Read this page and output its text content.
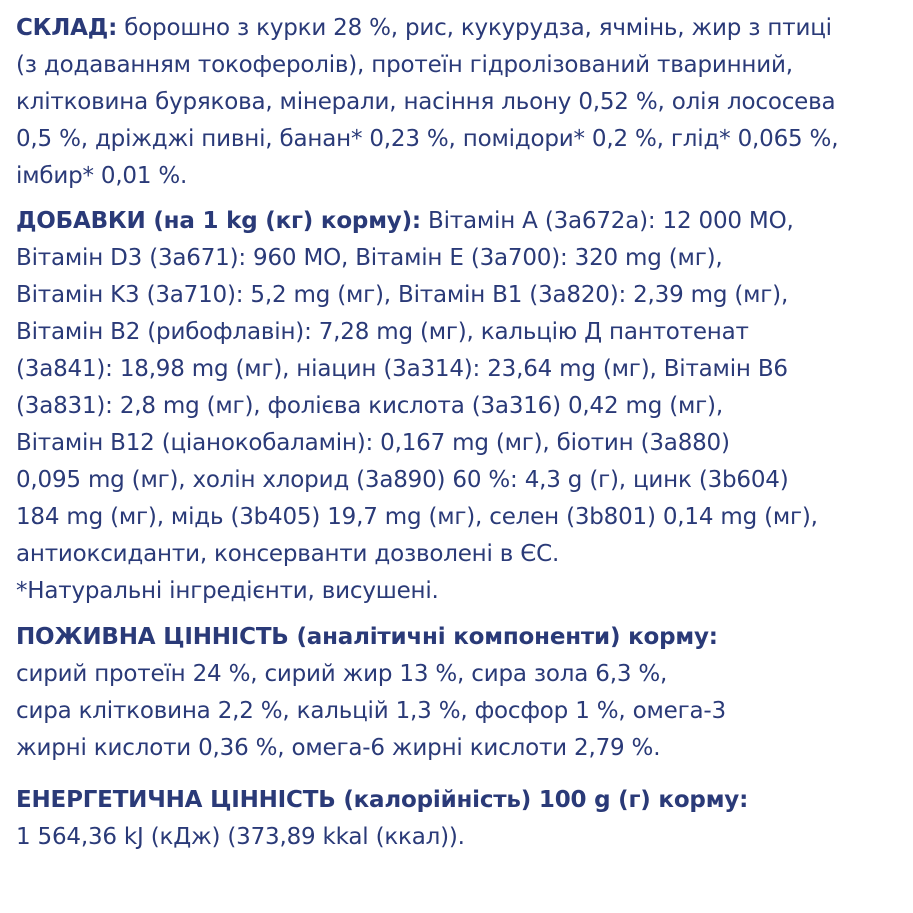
СКЛАД: борошно з курки 28 %, рис, кукурудза, ячмінь, жир з птиці
(з додаванням токоферолів), протеїн гідролізований тваринний,
клітковина бурякова, мінерали, насіння льону 0,52 %, олія лососева
0,5 %, дріжджі пивні, банан* 0,23 %, помідори* 0,2 %, глід* 0,065 %,
імбир* 0,01 %.
ДОБАВКИ (на 1 kg (кг) корму): Вітамін A (3a672a): 12 000 МО,
Вітамін D3 (3a671): 960 МО, Вітамін E (3a700): 320 mg (мг),
Вітамін K3 (3a710): 5,2 mg (мг), Вітамін B1 (3a820): 2,39 mg (мг),
Вітамін B2 (рибофлавін): 7,28 mg (мг), кальцію Д пантотенат
(3a841): 18,98 mg (мг), ніацин (3a314): 23,64 mg (мг), Вітамін B6
(3a831): 2,8 mg (мг), фолієва кислота (3a316) 0,42 mg (мг),
Вітамін B12 (ціанокобаламін): 0,167 mg (мг), біотин (3a880)
0,095 mg (мг), холін хлорид (3a890) 60 %: 4,3 g (г), цинк (3b604)
184 mg (мг), мідь (3b405) 19,7 mg (мг), селен (3b801) 0,14 mg (мг),
антиоксиданти, консерванти дозволені в ЄС.
*Натуральні інгредієнти, висушені.
ПОЖИВНА ЦІННІСТЬ (аналітичні компоненти) корму:
сирий протеїн 24 %, сирий жир 13 %, сира зола 6,3 %,
сира клітковина 2,2 %, кальцій 1,3 %, фосфор 1 %, омега-3
жирні кислоти 0,36 %, омега-6 жирні кислоти 2,79 %.
ЕНЕРГЕТИЧНА ЦІННІСТЬ (калорійність) 100 g (г) корму:
1 564,36 kJ (кДж) (373,89 kkal (ккал)).
